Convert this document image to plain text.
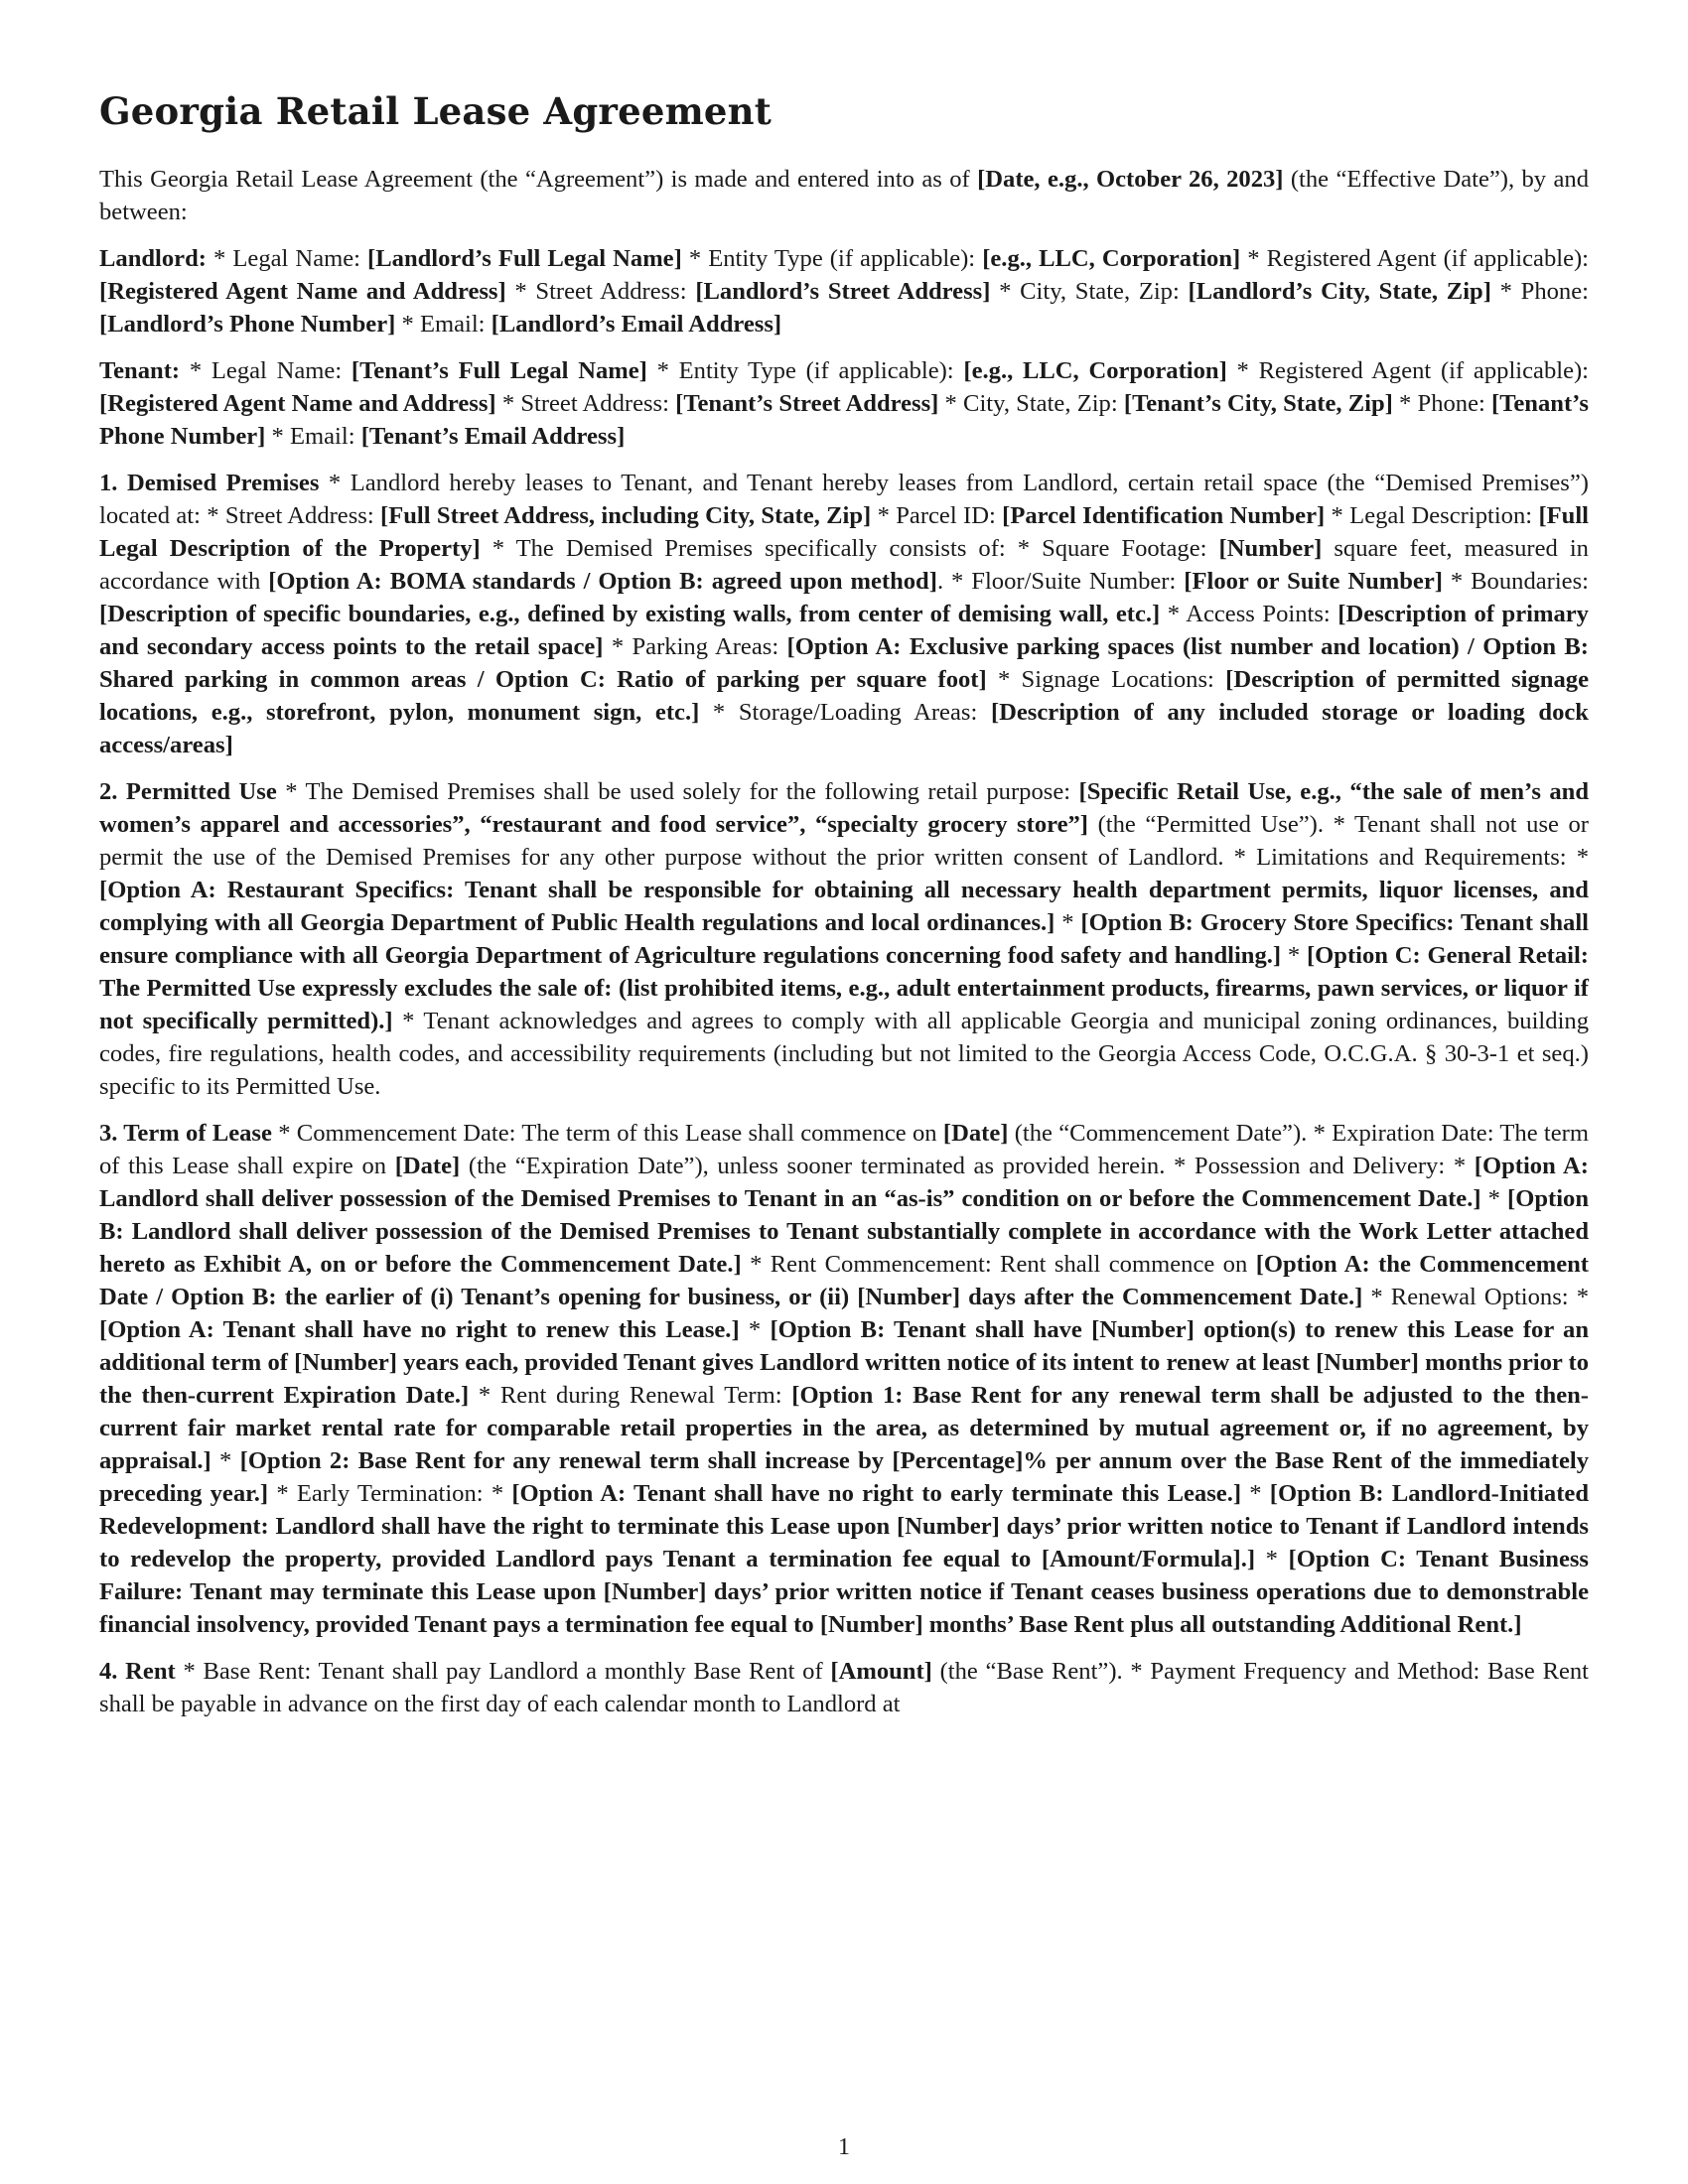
Georgia Retail Lease Agreement

This Georgia Retail Lease Agreement (the “Agreement”) is made and entered into as of [Date, e.g., October 26, 2023] (the “Effective Date”), by and between:

Landlord: * Legal Name: [Landlord’s Full Legal Name] * Entity Type (if applicable): [e.g., LLC, Corporation] * Registered Agent (if applicable): [Registered Agent Name and Address] * Street Address: [Landlord’s Street Address] * City, State, Zip: [Landlord’s City, State, Zip] * Phone: [Landlord’s Phone Number] * Email: [Landlord’s Email Address]

Tenant: * Legal Name: [Tenant’s Full Legal Name] * Entity Type (if applicable): [e.g., LLC, Corporation] * Registered Agent (if applicable): [Registered Agent Name and Address] * Street Address: [Tenant’s Street Address] * City, State, Zip: [Tenant’s City, State, Zip] * Phone: [Tenant’s Phone Number] * Email: [Tenant’s Email Address]

1. Demised Premises * Landlord hereby leases to Tenant, and Tenant hereby leases from Landlord, certain retail space (the “Demised Premises”) located at: * Street Address: [Full Street Address, including City, State, Zip] * Parcel ID: [Parcel Identification Number] * Legal Description: [Full Legal Description of the Property] * The Demised Premises specifically consists of: * Square Footage: [Number] square feet, measured in accordance with [Option A: BOMA standards / Option B: agreed upon method]. * Floor/Suite Number: [Floor or Suite Number] * Boundaries: [Description of specific boundaries, e.g., defined by existing walls, from center of demising wall, etc.] * Access Points: [Description of primary and secondary access points to the retail space] * Parking Areas: [Option A: Exclusive parking spaces (list number and location) / Option B: Shared parking in common areas / Option C: Ratio of parking per square foot] * Signage Locations: [Description of permitted signage locations, e.g., storefront, pylon, monument sign, etc.] * Storage/Loading Areas: [Description of any included storage or loading dock access/areas]

2. Permitted Use * The Demised Premises shall be used solely for the following retail purpose: [Specific Retail Use, e.g., “the sale of men’s and women’s apparel and accessories”, “restaurant and food service”, “specialty grocery store”] (the “Permitted Use”). * Tenant shall not use or permit the use of the Demised Premises for any other purpose without the prior written consent of Landlord. * Limitations and Requirements: * [Option A: Restaurant Specifics: Tenant shall be responsible for obtaining all necessary health department permits, liquor licenses, and complying with all Georgia Department of Public Health regulations and local ordinances.] * [Option B: Grocery Store Specifics: Tenant shall ensure compliance with all Georgia Department of Agriculture regulations concerning food safety and handling.] * [Option C: General Retail: The Permitted Use expressly excludes the sale of: (list prohibited items, e.g., adult entertainment products, firearms, pawn services, or liquor if not specifically permitted).] * Tenant acknowledges and agrees to comply with all applicable Georgia and municipal zoning ordinances, building codes, fire regulations, health codes, and accessibility requirements (including but not limited to the Georgia Access Code, O.C.G.A. § 30-3-1 et seq.) specific to its Permitted Use.

3. Term of Lease * Commencement Date: The term of this Lease shall commence on [Date] (the “Commencement Date”). * Expiration Date: The term of this Lease shall expire on [Date] (the “Expiration Date”), unless sooner terminated as provided herein. * Possession and Delivery: * [Option A: Landlord shall deliver possession of the Demised Premises to Tenant in an “as-is” condition on or before the Commencement Date.] * [Option B: Landlord shall deliver possession of the Demised Premises to Tenant substantially complete in accordance with the Work Letter attached hereto as Exhibit A, on or before the Commencement Date.] * Rent Commencement: Rent shall commence on [Option A: the Commencement Date / Option B: the earlier of (i) Tenant’s opening for business, or (ii) [Number] days after the Commencement Date.] * Renewal Options: * [Option A: Tenant shall have no right to renew this Lease.] * [Option B: Tenant shall have [Number] option(s) to renew this Lease for an additional term of [Number] years each, provided Tenant gives Landlord written notice of its intent to renew at least [Number] months prior to the then-current Expiration Date.] * Rent during Renewal Term: [Option 1: Base Rent for any renewal term shall be adjusted to the then-current fair market rental rate for comparable retail properties in the area, as determined by mutual agreement or, if no agreement, by appraisal.] * [Option 2: Base Rent for any renewal term shall increase by [Percentage]% per annum over the Base Rent of the immediately preceding year.] * Early Termination: * [Option A: Tenant shall have no right to early terminate this Lease.] * [Option B: Landlord-Initiated Redevelopment: Landlord shall have the right to terminate this Lease upon [Number] days’ prior written notice to Tenant if Landlord intends to redevelop the property, provided Landlord pays Tenant a termination fee equal to [Amount/Formula].] * [Option C: Tenant Business Failure: Tenant may terminate this Lease upon [Number] days’ prior written notice if Tenant ceases business operations due to demonstrable financial insolvency, provided Tenant pays a termination fee equal to [Number] months’ Base Rent plus all outstanding Additional Rent.]

4. Rent * Base Rent: Tenant shall pay Landlord a monthly Base Rent of [Amount] (the “Base Rent”). * Payment Frequency and Method: Base Rent shall be payable in advance on the first day of each calendar month to Landlord at

1
